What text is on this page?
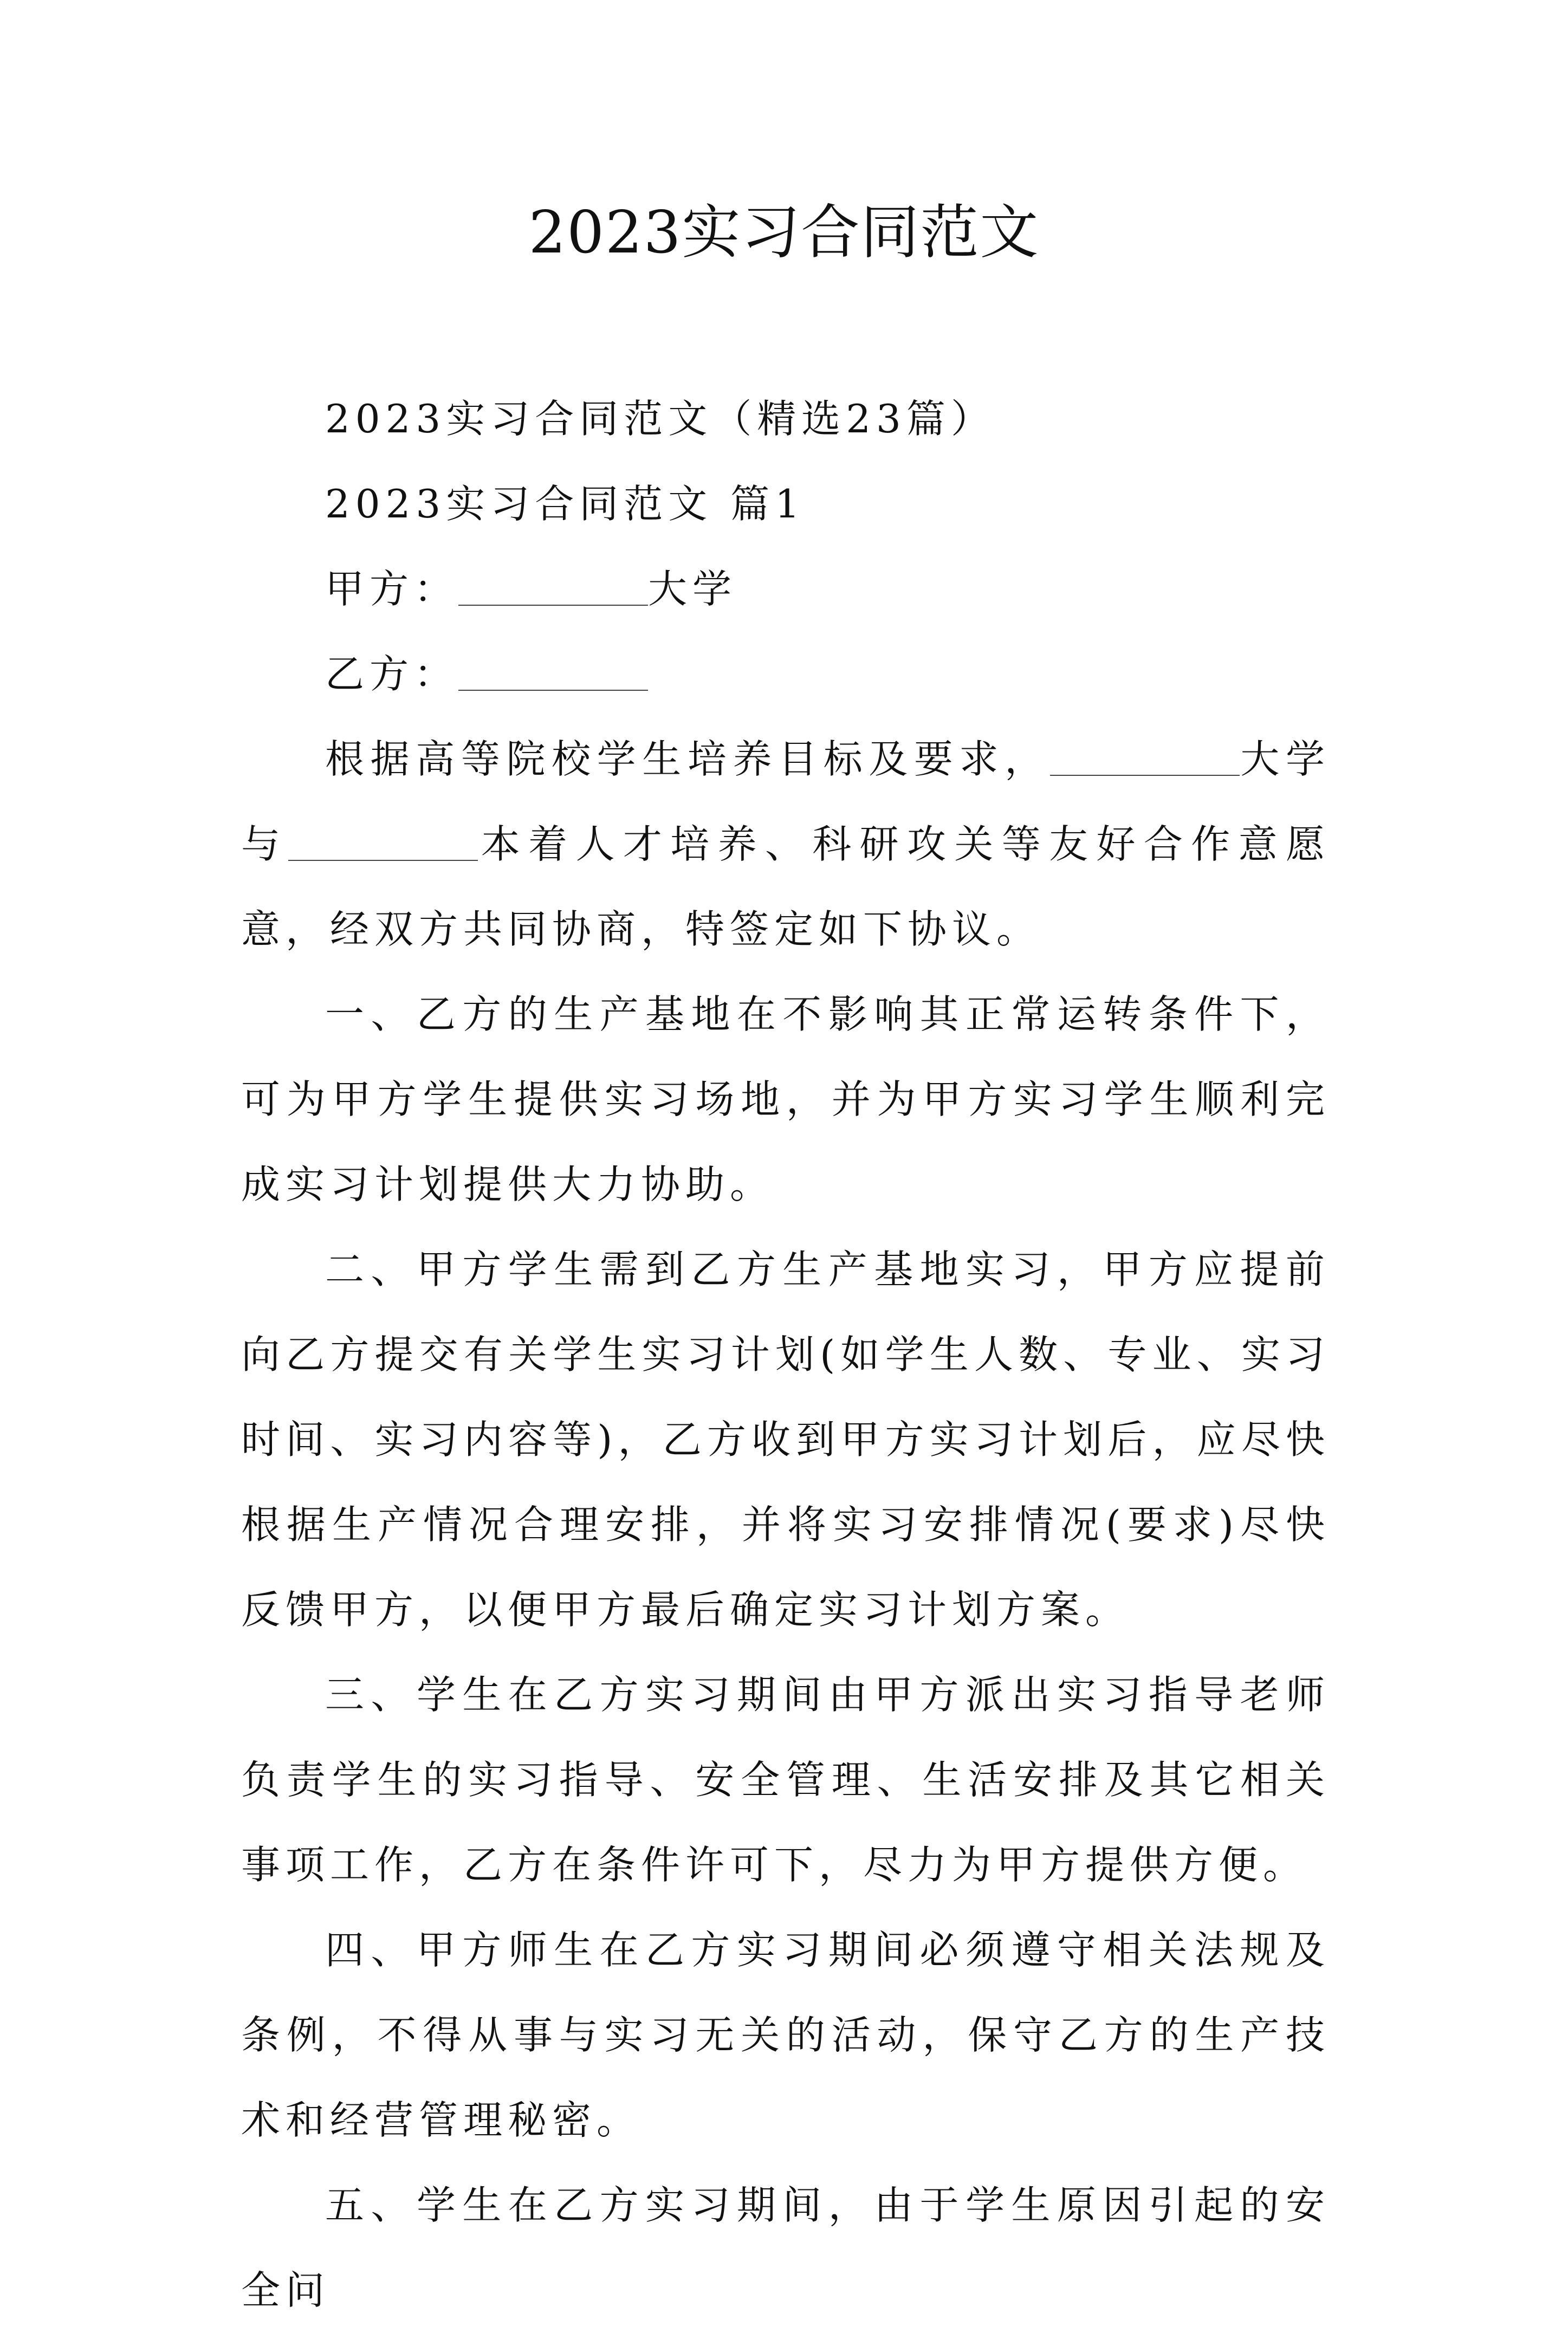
2023实习合同范文

2023实习合同范文（精选23篇）

2023实习合同范文 篇1

甲方：	大学

乙方：

根据高等院校学生培养目标及要求，	大学与	本着人才培养、科研攻关等友好合作意愿意，经双方共同协商，特签定如下协议。

一、乙方的生产基地在不影响其正常运转条件下，可为甲方学生提供实习场地，并为甲方实习学生顺利完成实习计划提供大力协助。

二、甲方学生需到乙方生产基地实习，甲方应提前向乙方提交有关学生实习计划(如学生人数、专业、实习时间、实习内容等)，乙方收到甲方实习计划后，应尽快根据生产情况合理安排，并将实习安排情况(要求)尽快反馈甲方，以便甲方最后确定实习计划方案。

三、学生在乙方实习期间由甲方派出实习指导老师负责学生的实习指导、安全管理、生活安排及其它相关事项工作，乙方在条件许可下，尽力为甲方提供方便。

四、甲方师生在乙方实习期间必须遵守相关法规及条例，不得从事与实习无关的活动，保守乙方的生产技术和经营管理秘密。

五、学生在乙方实习期间，由于学生原因引起的安全问
